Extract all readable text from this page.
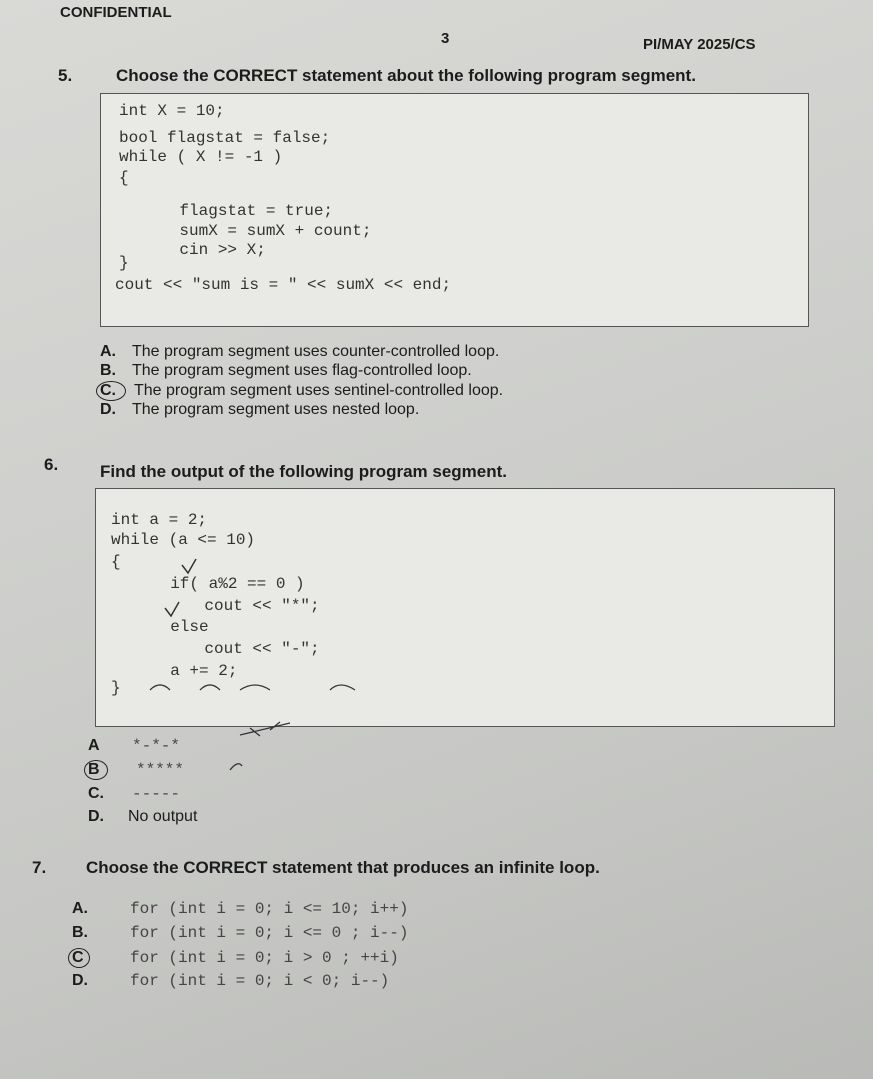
CONFIDENTIAL
3	PI/MAY 2025/CS
5.	Choose the CORRECT statement about the following program segment.
int X = 10;
bool flagstat = false;
while ( X != -1 )
{
flagstat = true;
sumX = sumX + count;
cin >> X;
}
cout << "sum is = " << sumX << end;
A. The program segment uses counter-controlled loop.
B. The program segment uses flag-controlled loop.
C. The program segment uses sentinel-controlled loop.
D. The program segment uses nested loop.
6. Find the output of the following program segment.
int a = 2;
while (a <= 10)
{
if( a%2 == 0 )
cout << "*";
else
cout << "-";
a += 2;
}
A *-*-*
B *****
C. -----
D. No output
7. Choose the CORRECT statement that produces an infinite loop.
A.	for (int i = 0; i <= 10; i++)
B.	for (int i = 0; i <= 0 ; i--)
C	for (int i = 0; i > 0 ; ++i)
D.	for (int i = 0; i < 0; i--)
